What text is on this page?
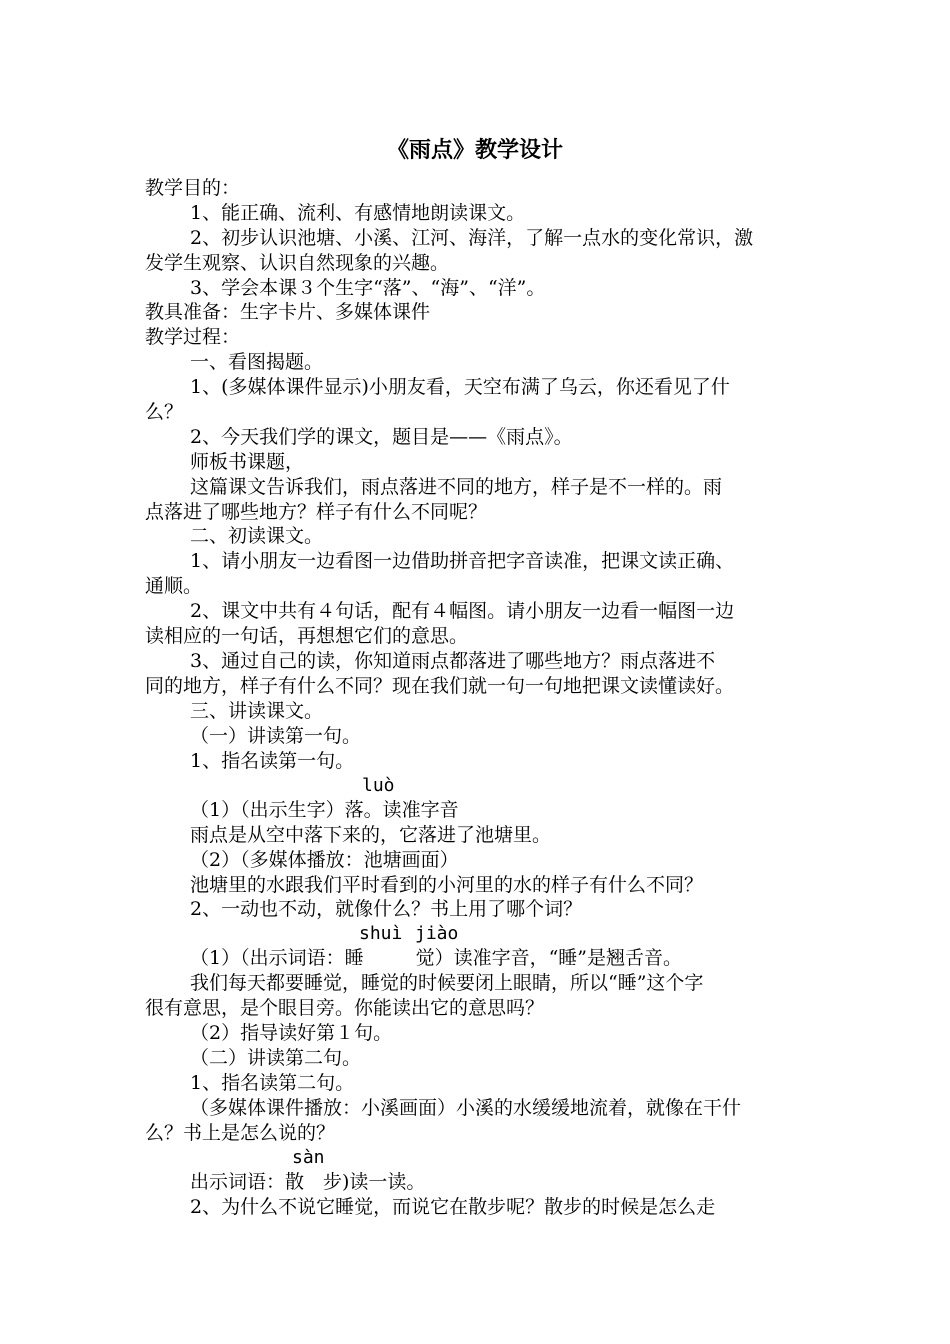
《雨点》教学设计
教学目的：
1、能正确、流利、有感情地朗读课文。
2、初步认识池塘、小溪、江河、海洋，了解一点水的变化常识，激
发学生观察、认识自然现象的兴趣。
3、学会本课３个生字“落”、“海”、“洋”。
教具准备：生字卡片、多媒体课件
教学过程：
一、看图揭题。
1、(多媒体课件显示)小朋友看，天空布满了乌云，你还看见了什
么？
2、今天我们学的课文，题目是——《雨点》。
师板书课题，
这篇课文告诉我们，雨点落进不同的地方，样子是不一样的。雨
点落进了哪些地方？样子有什么不同呢？
二、初读课文。
1、请小朋友一边看图一边借助拼音把字音读准，把课文读正确、
通顺。
2、课文中共有４句话，配有４幅图。请小朋友一边看一幅图一边
读相应的一句话，再想想它们的意思。
3、通过自己的读，你知道雨点都落进了哪些地方？雨点落进不
同的地方，样子有什么不同？现在我们就一句一句地把课文读懂读好。
三、讲读课文。
（一）讲读第一句。
1、指名读第一句。
luò
（1）（出示生字）落。读准字音
雨点是从空中落下来的，它落进了池塘里。
（2）（多媒体播放：池塘画面）
池塘里的水跟我们平时看到的小河里的水的样子有什么不同？
2、一动也不动，就像什么？书上用了哪个词？
shuì jiào
（1）（出示词语：睡	觉）读准字音，“睡”是翘舌音。
我们每天都要睡觉，睡觉的时候要闭上眼睛，所以“睡”这个字
很有意思，是个眼目旁。你能读出它的意思吗？
（2）指导读好第１句。
（二）讲读第二句。
1、指名读第二句。
（多媒体课件播放：小溪画面）小溪的水缓缓地流着，就像在干什
么？书上是怎么说的？
sàn
出示词语：散　步)读一读。
2、为什么不说它睡觉，而说它在散步呢？散步的时候是怎么走
